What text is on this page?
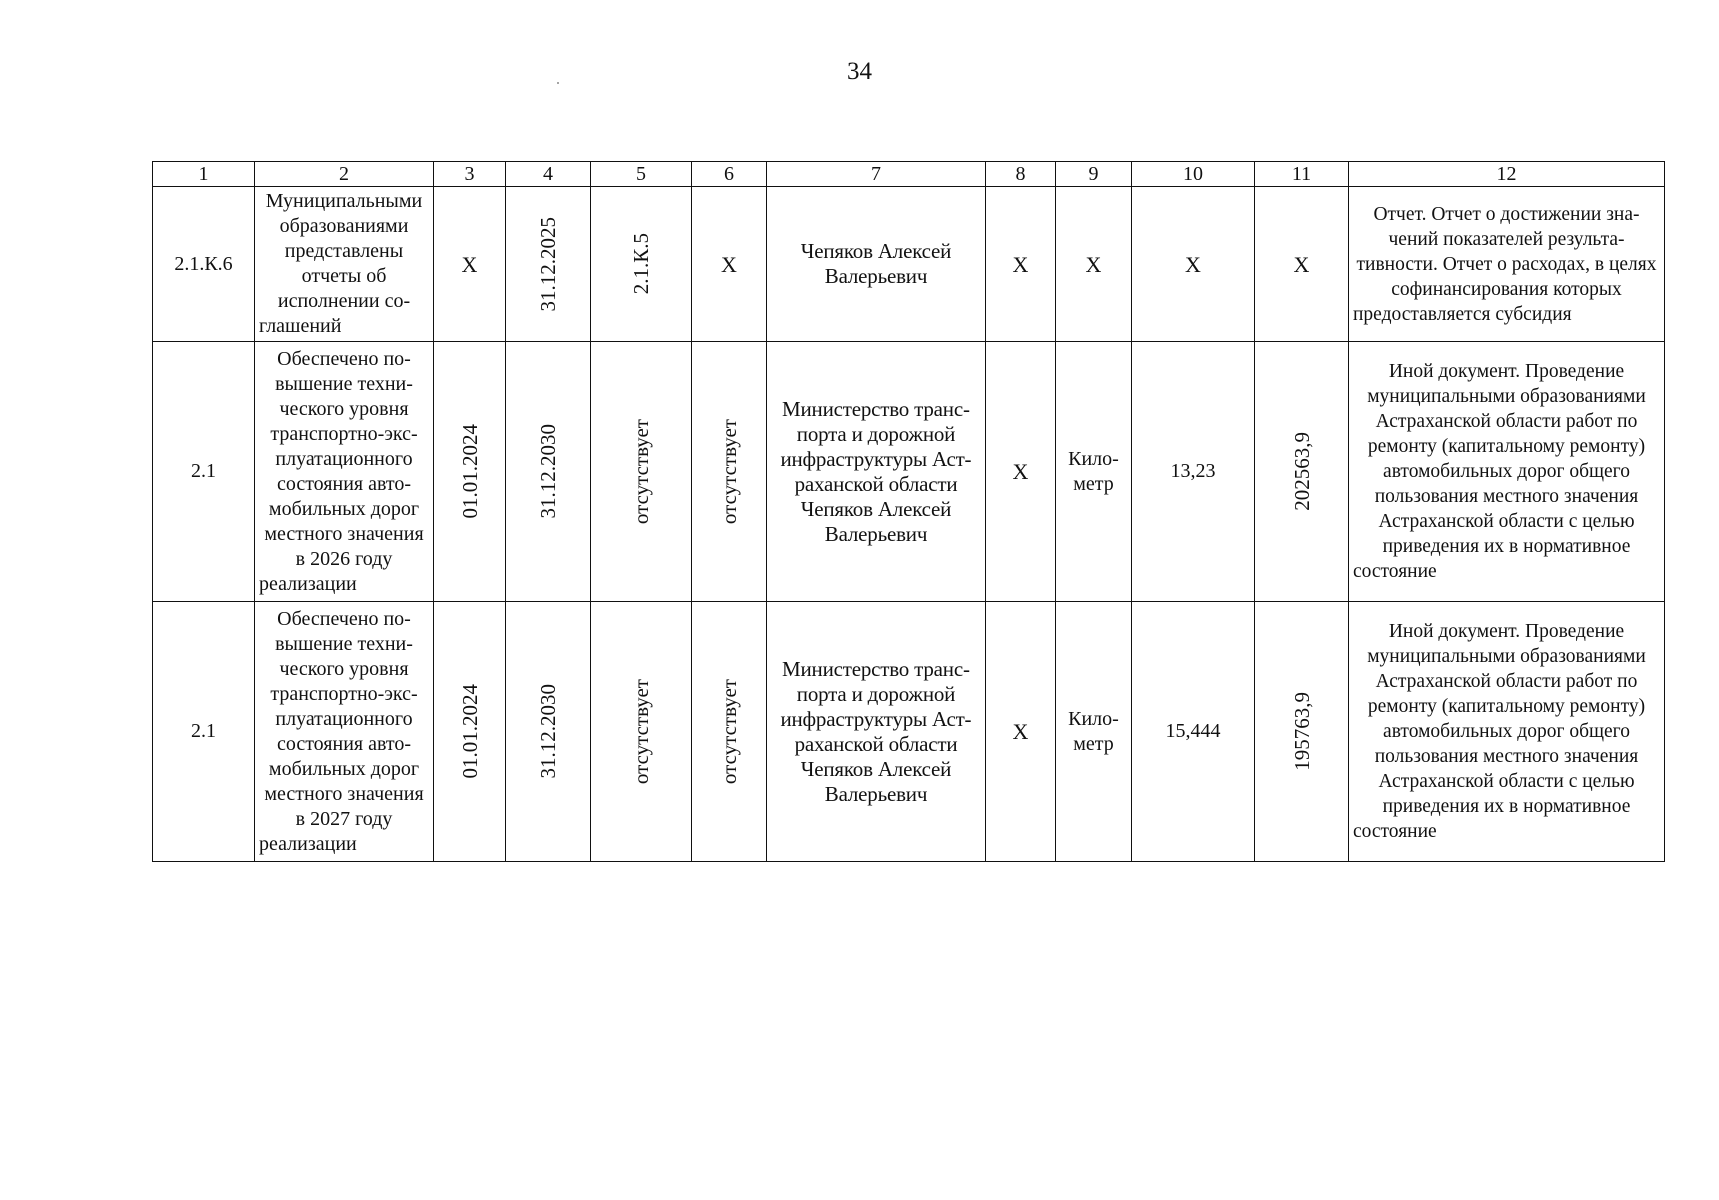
34
1	2	3	4	5	6	7	8	9	10	11	12
2.1.К.6	Муниципальными образованиями представлены отчеты об исполнении соглашений	Х	31.12.2025	2.1.К.5	Х	Чепяков Алексей Валерьевич	Х	Х	Х	Х	Отчет. Отчет о достижении значений показателей результативности. Отчет о расходах, в целях софинансирования которых предоставляется субсидия
2.1	Обеспечено повышение технического уровня транспортно-эксплуатационного состояния автомобильных дорог местного значения в 2026 году реализации	01.01.2024	31.12.2030	отсутствует	отсутствует	Министерство транспорта и дорожной инфраструктуры Астраханской области Чепяков Алексей Валерьевич	Х	Километр	13,23	202563,9	Иной документ. Проведение муниципальными образованиями Астраханской области работ по ремонту (капитальному ремонту) автомобильных дорог общего пользования местного значения Астраханской области с целью приведения их в нормативное состояние
2.1	Обеспечено повышение технического уровня транспортно-эксплуатационного состояния автомобильных дорог местного значения в 2027 году реализации	01.01.2024	31.12.2030	отсутствует	отсутствует	Министерство транспорта и дорожной инфраструктуры Астраханской области Чепяков Алексей Валерьевич	Х	Километр	15,444	195763,9	Иной документ. Проведение муниципальными образованиями Астраханской области работ по ремонту (капитальному ремонту) автомобильных дорог общего пользования местного значения Астраханской области с целью приведения их в нормативное состояние
